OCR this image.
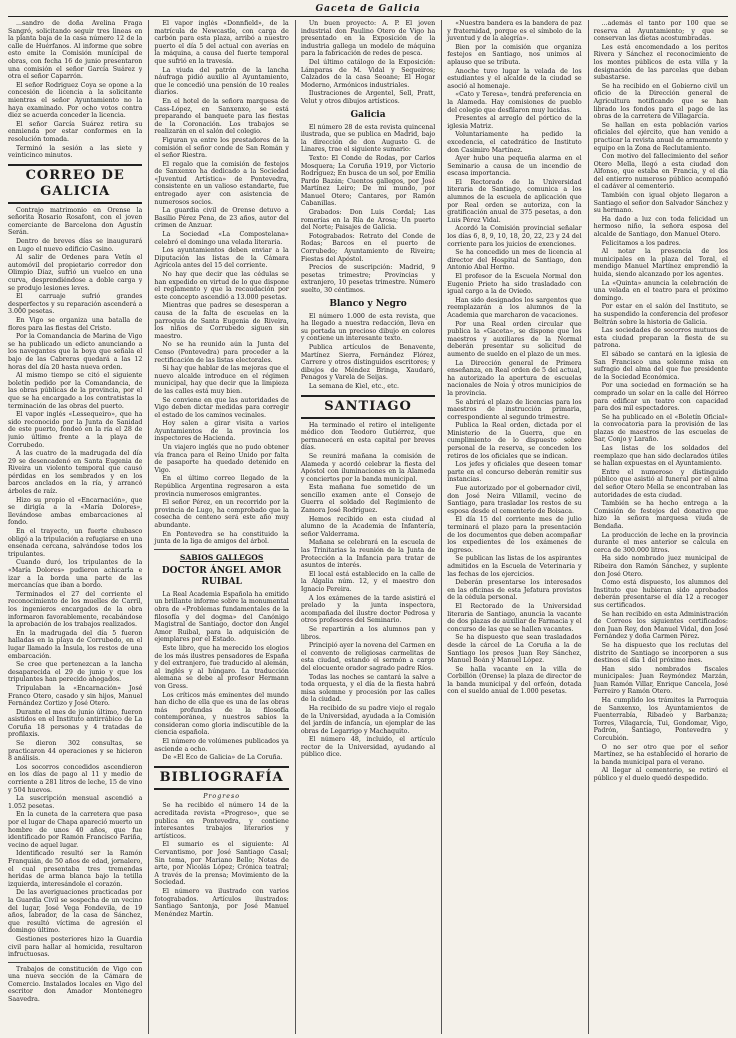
Gaceta de Galicia

...sandro de doña Avelina Fraga Sangró, solicitando seguir tres lineas en la planta baja de la casa número 12 de la calle de Huérfanos. Al informe que sobre esto emite la Comisión municipal de obras, con fecha 16 de junio presentaron una comisión el señor García Suárez y otra el señor Caparrón.

El señor Rodriguez Coya se opone a la concesión de licencia a la solicitante mientras el señor Ayuntamiento no la haya examinado. Por ocho votos contra diez se acuerda conceder la licencia.

El señor García Suárez retira su enmienda por estar conformes en la resolución tomada.

Terminó la sesión a las siete y veinticinco minutos.

CORREO DE GALICIA

Contrajo matrimonio en Orense la señorita Rosario Rosafont, con el joven comerciante de Barcelona don Agustín Serán.

Dentro de breves días se inaugurará en Lugo el nuevo edificio Casino.

Al salir de Ordenes para Vetín el automóvil del propietario corredor don Olimpio Díaz, sufrió un vuelco en una curva, desprendiéndose a doble carga y se produjo lesiones leves.

El carruaje sufrió grandes desperfectos y su reparación ascenderá a 3.000 pesetas.

En Vigo se organiza una batalla de flores para las fiestas del Cristo.

Por la Comandancia de Marina de Vigo se ha publicado un edicto anunciando a los navegantes que la boya que señala el bajo de las Cabreras quedará a las 12 horas del día 20 hasta nueva orden.

Al mismo tiempo se citó el siguiente boletín pedido por la Comandancia, de las obras públicas de la provincia, por el que se ha encargado a los contratistas la terminación de las obras del puerto.

El vapor inglés «Lessequeiro», que ha sido reconocido por la Junta de Sanidad de este puerto, fondeó en la ría el 28 de junio último frente a la playa de Corrubedo.

A las cuatro de la madrugada del día 29 se desencadenó en Santa Eugenia de Riveira un violento temporal que causó pérdidas en los sembrados y en los barcos anclados en la ría, y arrancó árboles de raíz.

Hizo su propio el «Encarnación», que se dirigía a la «María Dolores», llevándose ambas embarcaciones al fondo.

En el trayecto, un fuerte chubasco obligó a la tripulación a refugiarse en una ensenada cercana, salvándose todos los tripulantes.

Cuando duró, los tripulantes de la «María Dolores» pudieron achicarla e izar a la borda una parte de las mercancías que iban a bordo.

Terminados el 27 del corriente el reconocimiento de los muelles de Carril, los ingenieros encargados de la obra informaron favorablemente, recabándose la aprobación de los trabajos realizados.

En la madrugada del día 5 fueron halladas en la playa de Corrubedo, en el lugar llamado la Ínsula, los restos de una embarcación.

Se cree que pertenezcan a la lancha desaparecida el 29 de junio y que los tripulantes han perecido ahogados.

Tripulaban la «Encarnación» José Franco Otero, casado y sin hijos, Manuel Fernández Cortizo y José Otero.

Durante el mes de junio último, fueron asistidos en el Instituto antirrábico de La Coruña 18 personas y 4 tratadas de profilaxis.

Se dieron 302 consultas, se practicaron 44 operaciones y se hicieron 8 análisis.

Los socorros concedidos ascendieron en los días de pago al 11 y medio de corriente a 281 litros de leche, 15 de vino y 504 huevos.

La suscripción mensual ascendió a 1.052 pesetas.

En la cuneta de la carretera que pasa por el lugar de Chapa apareció muerto un hombre de unos 40 años, que fue identificado por Ramón Francisco Fariña, vecino de aquel lugar.

Identificado resultó ser la Ramón Franquián, de 50 años de edad, jornalero, el cual presentaba tres tremendas heridas de arma blanca bajo la tetilla izquierda, interesándole el corazón.

De las averiguaciones practicadas por la Guardia Civil se sospecha de un vecino del lugar, José Vega Fondevila, de 19 años, labrador, de la casa de Sánchez, que resultó víctima de agresión el domingo último.

Gestiones posteriores hizo la Guardia civil para hallar al homicida, resultaron infructuosas.

Trabajos de constitución de Vigo con una nueva sección de la Cámara de Comercio. Instalados locales en Vigo del escritor don Amador Montenegro Saavedra.

El vapor inglés «Donnfield», de la matrícula de Newcastle, con carga de carbón para esta plaza, arribó a nuestro puerto el día 5 del actual con averías en la máquina, a causa del fuerte temporal que sufrió en la travesía.

La viuda del patrón de la lancha náufraga pidió auxilio al Ayuntamiento, que le concedió una pensión de 10 reales diarios.

En el hotel de la señora marquesa de Cass-López, en Sanxenxo, se está preparando el banquete para las fiestas de la Coronación. Los trabajos se realizarán en el salón del colegio.

Figuran ya entre los prestadores de la comisión el señor conde de San Román y el señor Riestra.

El regalo que la comisión de festejos de Sanxenxo ha dedicado a la Sociedad «Juventud Artística» de Pontevedra, consistente en un valioso estandarte, fue entregado ayer con asistencia de numerosos socios.

La guardia civil de Orense detuvo a Basilio Pérez Pena, de 23 años, autor del crimen de Anzuar.

La Sociedad «La Compostelana» celebró el domingo una velada literaria.

Los ayuntamientos deben enviar a la Diputación las listas de la Cámara Agrícola antes del 15 del corriente.

No hay que decir que las cédulas se han expedido en virtud de lo que dispone el reglamento y que la recaudación por este concepto ascendió a 13.000 pesetas.

Mientras que padres se desesperan a causa de la falta de escuelas en la parroquia de Santa Eugenia de Riveira, los niños de Corrubedo siguen sin maestro.

No se ha reunido aún la Junta del Censo (Pontevedra) para proceder a la rectificación de las listas electorales.

Si hay que hablar de las mejoras que el nuevo alcalde introduce en el régimen municipal, hay que decir que la limpieza de las calles está muy bien.

Se conviene en que las autoridades de Vigo deben dictar medidas para corregir el estado de los caminos vecinales.

Hoy salen a girar visita a varios Ayuntamientos de la provincia los inspectores de Hacienda.

Un viajero inglés que no pudo obtener vía franca para el Reino Unido por falta de pasaporte ha quedado detenido en Vigo.

En el último correo llegado de la República Argentina regresaron a esta provincia numerosos emigrantes.

El señor Pérez, en un recorrido por la provincia de Lugo, ha comprobado que la cosecha de centeno será este año muy abundante.

En Pontevedra se ha constituido la junta de la liga de amigos del árbol.

SABIOS GALLEGOS
DOCTOR ÁNGEL AMOR RUIBAL

La Real Academia Española ha emitido un brillante informe sobre la monumental obra de «Problemas fundamentales de la filosofía y del dogma» del Canónigo Magistral de Santiago, doctor don Ángel Amor Ruibal, para la adquisición de ejemplares por el Estado.

Este libro, que ha merecido los elogios de los más ilustres pensadores de España y del extranjero, fue traducido al alemán, al inglés y al húngaro. La traducción alemana se debe al profesor Hermann von Gress.

Los críticos más eminentes del mundo han dicho de ella que es una de las obras más profundas de la filosofía contemporánea, y nuestros sabios la consideran como gloria indiscutible de la ciencia española.

El número de volúmenes publicados ya asciende a ocho.

De «El Eco de Galicia» de La Coruña.

BIBLIOGRAFÍA
Progreso

Se ha recibido el número 14 de la acreditada revista «Progreso», que se publica en Pontevedra, y contiene interesantes trabajos literarios y artísticos.

El sumario es el siguiente: Al Cervantismo, por José Santiago Casal; Sin tema, por Mariano Bello; Notas de arte, por Nicolás López; Crónica teatral; A través de la prensa; Movimiento de la Sociedad.

El número va ilustrado con varios fotograbados. Artículos ilustrados: Santiago Santonja, por José Manuel Menéndez Martín.

Un buen proyecto: A. P. El joven industrial don Paulino Otero de Vigo ha presentado en la Exposición de la industria gallega un modelo de máquina para la fabricación de redes de pesca.

Del último catálogo de la Exposición: Lámparas de M. Vidal y Sequeiros; Calzados de la casa Seoane; El Hogar Moderno, Armónicos industriales.

Ilustraciones de Argentel, Sell, Pratt, Velut y otros dibujos artísticos.

Galicia

El número 28 de esta revista quincenal ilustrada, que se publica en Madrid, bajo la dirección de don Augusto G. de Linares, trae el siguiente sumario:

Texto: El Conde de Rodas, por Carlos Mosquera; La Coruña 1919, por Victorio Rodríguez; En busca de un sol, por Emilia Pardo Bazán; Cuentos gallegos, por José Martínez Leiro; De mi mundo, por Manuel Otero; Cantares, por Ramón Cabanillas.

Grabados: Don Luis Cordal; Las romerías en la Ría de Arosa; Un puerto del Norte; Paisajes de Galicia.

Fotograbados: Retrato del Conde de Rodas; Barcos en el puerto de Corrubedo; Ayuntamiento de Riveira; Fiestas del Apóstol.

Precios de suscripción: Madrid, 9 pesetas trimestre; Provincias y extranjero, 10 pesetas trimestre. Número suelto, 30 céntimos.

Blanco y Negro

El número 1.000 de esta revista, que ha llegado a nuestra redacción, lleva en su portada un precioso dibujo en colores y contiene un interesante texto.

Publica artículos de Benavente, Martínez Sierra, Fernández Flórez, Carrere y otros distinguidos escritores; y dibujos de Méndez Bringa, Xaudaró, Penagos y Varela de Seijas.

La semana de Kiel, etc., etc.

SANTIAGO

Ha terminado el retiro el inteligente médico don Teodoro Gutiérrez, que permanecerá en esta capital por breves días.

Se reunirá mañana la comisión de Alameda y acordó celebrar la fiesta del Apóstol con iluminaciones en la Alameda y conciertos por la banda municipal.

Esta mañana fue sometido de un sencillo examen ante el Consejo de Guerra el soldado del Regimiento de Zamora José Rodríguez.

Hemos recibido en esta ciudad al alumno de la Academia de Infantería, señor Valderrama.

Mañana se celebrará en la escuela de las Trinitarias la reunión de la Junta de Protección a la Infancia para tratar de asuntos de interés.

El local está establecido en la calle de la Algalia núm. 12, y el maestro don Ignacio Pereira.

A los exámenes de la tarde asistirá el prelado y la junta inspectora, acompañada del ilustre doctor Pedrosa y otros profesores del Seminario.

Se repartirán a los alumnos pan y libros.

Principió ayer la novena del Carmen en el convento de religiosas carmelitas de esta ciudad, estando el sermón a cargo del elocuente orador sagrado padre Ríos.

Todas las noches se cantará la salve a toda orquesta, y el día de la fiesta habrá misa solemne y procesión por las calles de la ciudad.

Ha recibido de su padre viejo el regalo de la Universidad, ayudada a la Comisión del jardín de infancia, un ejemplar de las obras de Legarrigo y Machaquito.

El número 48, incluido, el artículo rector de la Universidad, ayudando al público dice.

«Nuestra bandera es la bandera de paz y fraternidad, porque es el símbolo de la juventud y de la alegría».

Bien por la comisión que organiza festejos en Santiago, nos unimos al aplauso que se tributa.

Anoche tuvo lugar la velada de los estudiantes y el alcalde de la ciudad se asoció al homenaje.

«Cato y Teresa», tendrá preferencia en la Alameda. Hay comisiones de pueblo del colegio que desfilaron muy lucidas.

Presentes al arreglo del pórtico de la iglesia Matriz.

Voluntariamente ha pedido la excedencia, el catedrático de Instituto don Casimiro Martínez.

Ayer hubo una pequeña alarma en el Seminario a causa de un incendio de escasa importancia.

El Rectorado de la Universidad literaria de Santiago, comunica a los alumnos de la escuela de aplicación que por Real orden se autoriza, con la gratificación anual de 375 pesetas, a don Luis Pérez Vidal.

Acordó la Comisión provincial señalar los días 6, 8, 9, 10, 18, 20, 22, 23 y 24 del corriente para los juicios de exenciones.

Se ha concedido un mes de licencia al director del Hospital de Santiago, don Antonio Abal Hermo.

El profesor de la Escuela Normal don Eugenio Prieto ha sido trasladado con igual cargo a la de Oviedo.

Han sido designados los sargentos que reemplazarán a los alumnos de la Academia que marcharon de vacaciones.

Por una Real orden circular que publica la «Gaceta», se dispone que los maestros y auxiliares de la Normal deberán presentar su solicitud de aumento de sueldo en el plazo de un mes.

La Dirección general de Primera enseñanza, en Real orden de 5 del actual, ha autorizado la apertura de escuelas nacionales de Noia y otros municipios de la provincia.

Se abrirá el plazo de licencias para los maestros de instrucción primaria, correspondiente al segundo trimestre.

Publica la Real orden, dictada por el Ministerio de la Guerra, que en cumplimiento de lo dispuesto sobre personal de la reserva, se conceden los retiros de los oficiales que se indican.

Los jefes y oficiales que deseen tomar parte en el concurso deberán remitir sus instancias.

Fue autorizado por el gobernador civil, don José Neira Villamil, vecino de Santiago, para trasladar los restos de su esposa desde el cementerio de Boisaca.

El día 15 del corriente mes de julio terminará el plazo para la presentación de los documentos que deben acompañar los expedientes de los exámenes de ingreso.

Se publican las listas de los aspirantes admitidos en la Escuela de Veterinaria y las fechas de los ejercicios.

Deberán presentarse los interesados en las oficinas de esta Jefatura provistos de la cédula personal.

El Rectorado de la Universidad literaria de Santiago, anuncia la vacante de dos plazas de auxiliar de Farmacia y el concurso de las que se hallen vacantes.

Se ha dispuesto que sean trasladados desde la cárcel de La Coruña a la de Santiago los presos Juan Rey Sánchez, Manuel Boán y Manuel López.

Se halla vacante en la villa de Corbillón (Orense) la plaza de director de la banda municipal y del orfeón, dotada con el sueldo anual de 1.000 pesetas.

...además el tanto por 100 que se reserva al Ayuntamiento; y que se conservan las dietas acostumbradas.

Les está encomendado a los peritos Rivera y Sánchez el reconocimiento de los montes públicos de esta villa y la designación de las parcelas que deban subastarse.

Se ha recibido en el Gobierno civil un oficio de la Dirección general de Agricultura notificando que se han librado los fondos para el pago de las obras de la carretera de Villagarcía.

Se hallan en esta población varios oficiales del ejército, que han venido a practicar la revista anual de armamento y equipo en la Zona de Reclutamiento.

Con motivo del fallecimiento del señor Otero Mella, llegó a esta ciudad don Alfonso, que estaba en Francia, y el día del entierro numeroso público acompañó el cadáver al cementerio.

También con igual objeto llegaron a Santiago el señor don Salvador Sánchez y su hermano.

Ha dado a luz con toda felicidad un hermoso niño, la señora esposa del alcalde de Santiago, don Manuel Otero.

Felicitamos a los padres.

Al notar la presencia de los municipales en la plaza del Toral, el mendigo Manuel Martínez emprendió la huida, siendo alcanzado por los agentes.

La «Quinta» anuncia la celebración de una velada en el teatro para el próximo domingo.

Por estar en el salón del Instituto, se ha suspendido la conferencia del profesor Beltrán sobre la historia de Galicia.

Las sociedades de socorros mutuos de esta ciudad preparan la fiesta de su patrona.

El sábado se cantará en la iglesia de San Francisco una solemne misa en sufragio del alma del que fue presidente de la Sociedad Económica.

Por una sociedad en formación se ha comprado un solar en la calle del Hórreo para edificar un teatro con capacidad para dos mil espectadores.

Se ha publicado en el «Boletín Oficial» la convocatoria para la provisión de las plazas de maestros de las escuelas de Sar, Conjo y Laraño.

Las listas de los soldados del reemplazo que han sido declarados útiles se hallan expuestas en el Ayuntamiento.

Entre el numeroso y distinguido público que asistió al funeral por el alma del señor Otero Mella se encontraban las autoridades de esta ciudad.

También se ha hecho entrega a la Comisión de festejos del donativo que hizo la señora marquesa viuda de Bendaña.

La producción de leche en la provincia durante el mes anterior se calcula en cerca de 300.000 litros.

Ha sido nombrado juez municipal de Ribeira don Ramón Sánchez, y suplente don José Otero.

Como está dispuesto, los alumnos del Instituto que hubieran sido aprobados deberán presentarse el día 12 a recoger sus certificados.

Se han recibido en esta Administración de Correos los siguientes certificados: don Juan Rey, don Manuel Vidal, don José Fernández y doña Carmen Pérez.

Se ha dispuesto que los reclutas del distrito de Santiago se incorporen a sus destinos el día 1 del próximo mes.

Han sido nombrados fiscales municipales: Juan Reymóndez Marzán, Juan Ramón Villar, Enrique Cancela, José Ferreiro y Ramón Otero.

Ha cumplido los trámites la Parroquia de Sanxenxo, los Ayuntamientos de Fuenterrabía, Ribadeo y Barbanza; Torres, Vilagarcía, Tui, Gondomar, Vigo, Padrón, Santiago, Pontevedra y Corcubión.

O no ser otro que por el señor Martínez, se ha establecido el horario de la banda municipal para el verano.

Al llegar al cementerio, se retiró el público y el duelo quedó despedido.
